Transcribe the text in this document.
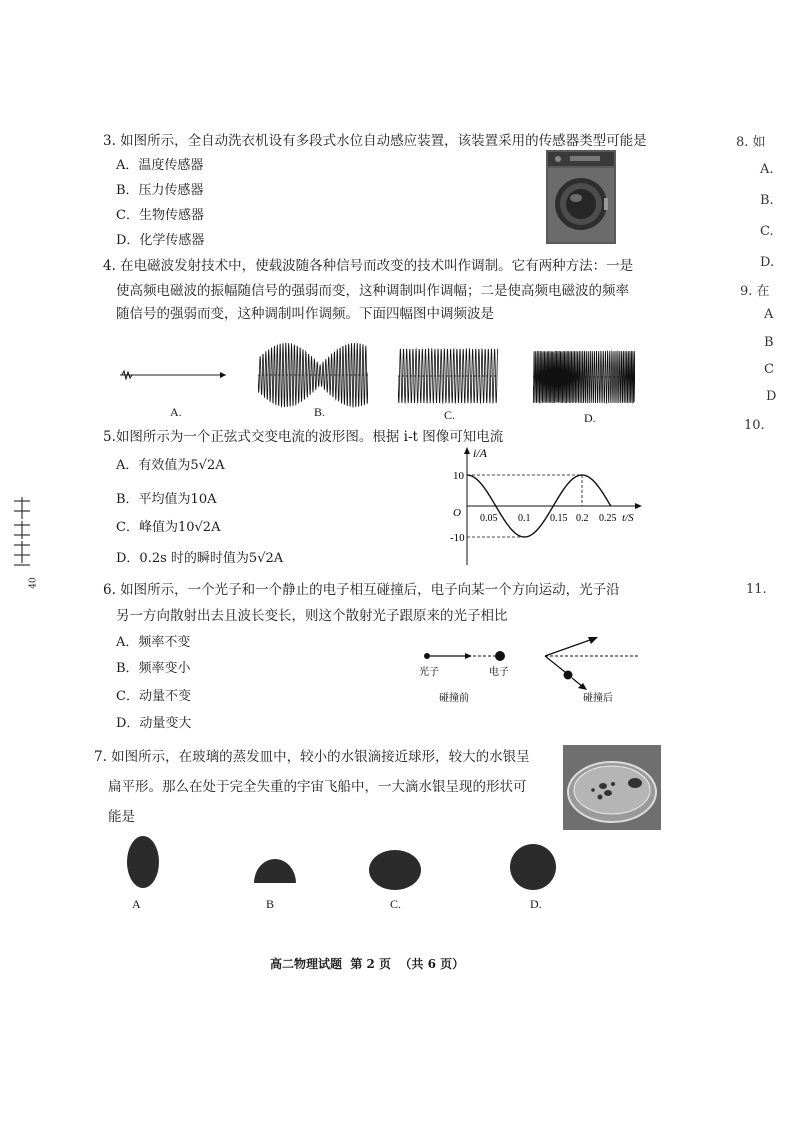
3. 如图所示，全自动洗衣机设有多段式水位自动感应装置，该装置采用的传感器类型可能是
A．温度传感器
B．压力传感器
C．生物传感器
D．化学传感器
4. 在电磁波发射技术中，使载波随各种信号而改变的技术叫作调制。它有两种方法：一是
使高频电磁波的振幅随信号的强弱而变，这种调制叫作调幅；二是使高频电磁波的频率
随信号的强弱而变，这种调制叫作调频。下面四幅图中调频波是
A.	B.	C.	D.
5.如图所示为一个正弦式交变电流的波形图。根据 i-t 图像可知电流
A．有效值为5√2A
B．平均值为10A
C．峰值为10√2A
D．0.2s 时的瞬时值为5√2A
i/A
10
-10
O 0.05 0.1 0.15 0.2 0.25 t/S
6. 如图所示，一个光子和一个静止的电子相互碰撞后，电子向某一个方向运动，光子沿
另一方向散射出去且波长变长，则这个散射光子跟原来的光子相比
A．频率不变
B．频率变小
C．动量不变
D．动量变大
光子	电子
碰撞前	碰撞后
7. 如图所示，在玻璃的蒸发皿中，较小的水银滴接近球形，较大的水银呈
扁平形。那么在处于完全失重的宇宙飞船中，一大滴水银呈现的形状可
能是
A	B	C.	D.
高二物理试题  第 2 页  （共 6 页）
8. 如
A.
B.
C.
D.
9. 在
A
B
C
D
10.
11.
40
